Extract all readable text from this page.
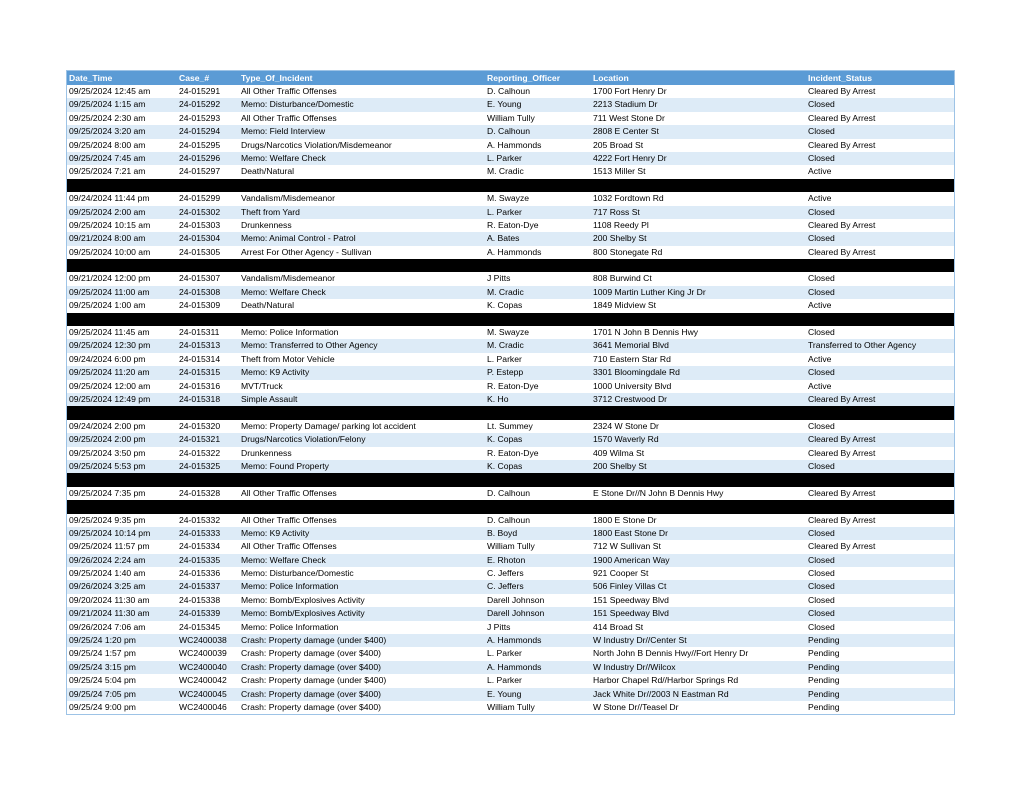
Date_Time	Case_#	Type_Of_Incident	Reporting_Officer	Location	Incident_Status
09/25/2024 12:45 am	24-015291	All Other Traffic Offenses	D. Calhoun	1700 Fort Henry Dr	Cleared By Arrest
09/25/2024 1:15 am	24-015292	Memo: Disturbance/Domestic	E. Young	2213 Stadium Dr	Closed
09/25/2024 2:30 am	24-015293	All Other Traffic Offenses	William Tully	711 West Stone Dr	Cleared By Arrest
09/25/2024 3:20 am	24-015294	Memo: Field Interview	D. Calhoun	2808 E Center St	Closed
09/25/2024 8:00 am	24-015295	Drugs/Narcotics Violation/Misdemeanor	A. Hammonds	205 Broad St	Cleared By Arrest
09/25/2024 7:45 am	24-015296	Memo: Welfare Check	L. Parker	4222 Fort Henry Dr	Closed
09/25/2024 7:21 am	24-015297	Death/Natural	M. Cradic	1513 Miller St	Active
09/24/2024 11:44 pm	24-015299	Vandalism/Misdemeanor	M. Swayze	1032 Fordtown Rd	Active
09/25/2024 2:00 am	24-015302	Theft from Yard	L. Parker	717 Ross St	Closed
09/25/2024 10:15 am	24-015303	Drunkenness	R. Eaton-Dye	1108 Reedy Pl	Cleared By Arrest
09/21/2024 8:00 am	24-015304	Memo: Animal Control - Patrol	A. Bates	200 Shelby St	Closed
09/25/2024 10:00 am	24-015305	Arrest For Other Agency - Sullivan	A. Hammonds	800 Stonegate Rd	Cleared By Arrest
09/21/2024 12:00 pm	24-015307	Vandalism/Misdemeanor	J Pitts	808 Burwind Ct	Closed
09/25/2024 11:00 am	24-015308	Memo: Welfare Check	M. Cradic	1009 Martin Luther King Jr Dr	Closed
09/25/2024 1:00 am	24-015309	Death/Natural	K. Copas	1849 Midview St	Active
09/25/2024 11:45 am	24-015311	Memo: Police Information	M. Swayze	1701 N John B Dennis Hwy	Closed
09/25/2024 12:30 pm	24-015313	Memo: Transferred to Other Agency	M. Cradic	3641 Memorial Blvd	Transferred to Other Agency
09/24/2024 6:00 pm	24-015314	Theft from Motor Vehicle	L. Parker	710 Eastern Star Rd	Active
09/25/2024 11:20 am	24-015315	Memo: K9 Activity	P. Estepp	3301 Bloomingdale Rd	Closed
09/25/2024 12:00 am	24-015316	MVT/Truck	R. Eaton-Dye	1000 University Blvd	Active
09/25/2024 12:49 pm	24-015318	Simple Assault	K. Ho	3712 Crestwood Dr	Cleared By Arrest
09/24/2024 2:00 pm	24-015320	Memo: Property Damage/ parking lot accident	Lt. Summey	2324 W Stone Dr	Closed
09/25/2024 2:00 pm	24-015321	Drugs/Narcotics Violation/Felony	K. Copas	1570 Waverly Rd	Cleared By Arrest
09/25/2024 3:50 pm	24-015322	Drunkenness	R. Eaton-Dye	409 Wilma St	Cleared By Arrest
09/25/2024 5:53 pm	24-015325	Memo: Found Property	K. Copas	200 Shelby St	Closed
09/25/2024 7:35 pm	24-015328	All Other Traffic Offenses	D. Calhoun	E Stone Dr//N John B Dennis Hwy	Cleared By Arrest
09/25/2024 9:35 pm	24-015332	All Other Traffic Offenses	D. Calhoun	1800 E Stone Dr	Cleared By Arrest
09/25/2024 10:14 pm	24-015333	Memo: K9 Activity	B. Boyd	1800 East Stone Dr	Closed
09/25/2024 11:57 pm	24-015334	All Other Traffic Offenses	William Tully	712 W Sullivan St	Cleared By Arrest
09/26/2024 2:24 am	24-015335	Memo: Welfare Check	E. Rhoton	1900 American Way	Closed
09/25/2024 1:40 am	24-015336	Memo: Disturbance/Domestic	C. Jeffers	921 Cooper St	Closed
09/26/2024 3:25 am	24-015337	Memo: Police Information	C. Jeffers	506 Finley Villas Ct	Closed
09/20/2024 11:30 am	24-015338	Memo: Bomb/Explosives Activity	Darell Johnson	151 Speedway Blvd	Closed
09/21/2024 11:30 am	24-015339	Memo: Bomb/Explosives Activity	Darell Johnson	151 Speedway Blvd	Closed
09/26/2024 7:06 am	24-015345	Memo: Police Information	J Pitts	414 Broad St	Closed
09/25/24 1:20 pm	WC2400038	Crash: Property damage (under $400)	A. Hammonds	W Industry Dr//Center St	Pending
09/25/24 1:57 pm	WC2400039	Crash: Property damage (over $400)	L. Parker	North John B Dennis Hwy//Fort Henry Dr	Pending
09/25/24 3:15 pm	WC2400040	Crash: Property damage (over $400)	A. Hammonds	W Industry Dr//Wilcox	Pending
09/25/24 5:04 pm	WC2400042	Crash: Property damage (under $400)	L. Parker	Harbor Chapel Rd//Harbor Springs Rd	Pending
09/25/24 7:05 pm	WC2400045	Crash: Property damage (over $400)	E. Young	Jack White Dr//2003 N Eastman Rd	Pending
09/25/24 9:00 pm	WC2400046	Crash: Property damage (over $400)	William Tully	W Stone Dr//Teasel Dr	Pending
